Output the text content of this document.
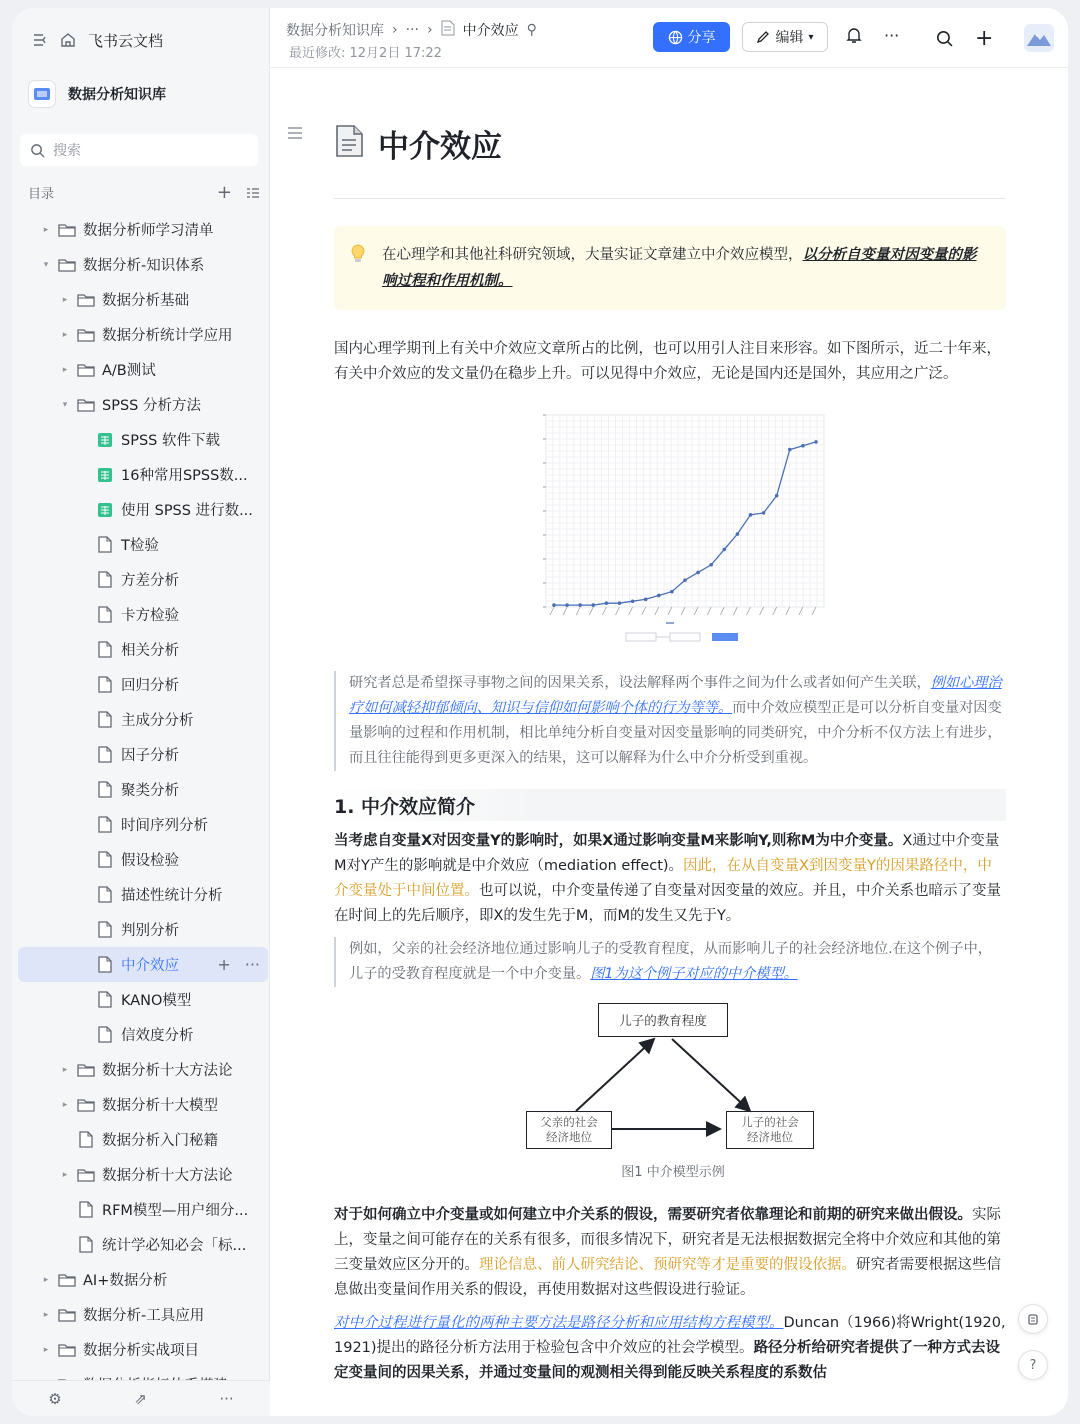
飞书云文档
数据分析知识库
搜索
目录	+
▸ 数据分析师学习清单
▾ 数据分析-知识体系
▸ 数据分析基础
▸ 数据分析统计学应用
▸ A/B测试
▾ SPSS 分析方法
SPSS 软件下载
16种常用SPSS数...
使用 SPSS 进行数...
T检验
方差分析
卡方检验
相关分析
回归分析
主成分分析
因子分析
聚类分析
时间序列分析
假设检验
描述性统计分析
判别分析
中介效应 + ···
KANO模型
信效度分析
▸ 数据分析十大方法论
▸ 数据分析十大模型
数据分析入门秘籍
▸ 数据分析十大方法论
RFM模型—用户细分...
统计学必知必会「标...
▸ AI+数据分析
▸ 数据分析-工具应用
▸ 数据分析实战项目
⚙	⇗	···
数据分析知识库 › ··· › 中介效应 ⚲
最近修改: 12月2日 17:22
分享	编辑 ▾	···	+
中介效应
在心理学和其他社科研究领域，大量实证文章建立中介效应模型，以分析自变量对因变量的影响过程和作用机制。
国内心理学期刊上有关中介效应文章所占的比例，也可以用引人注目来形容。如下图所示，近二十年来，有关中介效应的发文量仍在稳步上升。可以见得中介效应，无论是国内还是国外，其应用之广泛。
研究者总是希望探寻事物之间的因果关系，设法解释两个事件之间为什么或者如何产生关联，例如心理治疗如何减轻抑郁倾向、知识与信仰如何影响个体的行为等等。而中介效应模型正是可以分析自变量对因变量影响的过程和作用机制，相比单纯分析自变量对因变量影响的同类研究，中介分析不仅方法上有进步，而且往往能得到更多更深入的结果，这可以解释为什么中介分析受到重视。
1. 中介效应简介
当考虑自变量X对因变量Y的影响时，如果X通过影响变量M来影响Y,则称M为中介变量。X通过中介变量M对Y产生的影响就是中介效应（mediation effect)。因此，在从自变量X到因变量Y的因果路径中，中介变量处于中间位置。也可以说，中介变量传递了自变量对因变量的效应。并且，中介关系也暗示了变量在时间上的先后顺序，即X的发生先于M，而M的发生又先于Y。
例如，父亲的社会经济地位通过影响儿子的受教育程度，从而影响儿子的社会经济地位.在这个例子中，儿子的受教育程度就是一个中介变量。图1为这个例子对应的中介模型。
儿子的教育程度
父亲的社会
经济地位
儿子的社会
经济地位
图1 中介模型示例
对于如何确立中介变量或如何建立中介关系的假设，需要研究者依靠理论和前期的研究来做出假设。实际上，变量之间可能存在的关系有很多，而很多情况下，研究者是无法根据数据完全将中介效应和其他的第三变量效应区分开的。理论信息、前人研究结论、预研究等才是重要的假设依据。研究者需要根据这些信息做出变量间作用关系的假设，再使用数据对这些假设进行验证。
对中介过程进行量化的两种主要方法是路径分析和应用结构方程模型。Duncan（1966)将Wright(1920, 1921)提出的路径分析方法用于检验包含中介效应的社会学模型。路径分析给研究者提供了一种方式去设定变量间的因果关系，并通过变量间的观测相关得到能反映关系程度的系数估	?
